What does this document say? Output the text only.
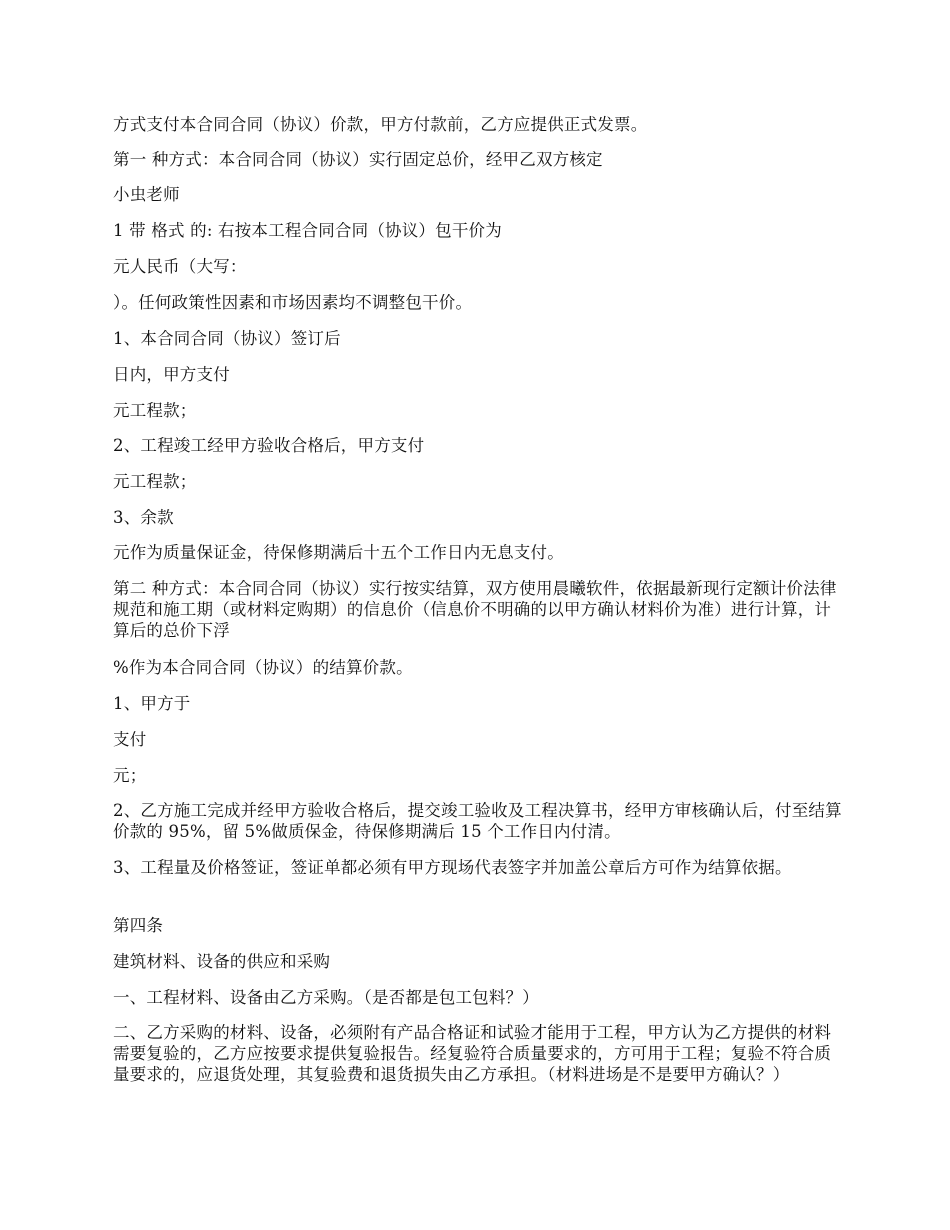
方式支付本合同合同（协议）价款，甲方付款前，乙方应提供正式发票。
第一 种方式：本合同合同（协议）实行固定总价，经甲乙双方核定
小虫老师
1 带 格式 的: 右按本工程合同合同（协议）包干价为
元人民币（大写：
）。任何政策性因素和市场因素均不调整包干价。
1、本合同合同（协议）签订后
日内，甲方支付
元工程款；
2、工程竣工经甲方验收合格后，甲方支付
元工程款；
3、余款
元作为质量保证金，待保修期满后十五个工作日内无息支付。
第二 种方式：本合同合同（协议）实行按实结算，双方使用晨曦软件，依据最新现行定额计价法律规范和施工期（或材料定购期）的信息价（信息价不明确的以甲方确认材料价为准）进行计算，计算后的总价下浮
%作为本合同合同（协议）的结算价款。
1、甲方于
支付
元；
2、乙方施工完成并经甲方验收合格后，提交竣工验收及工程决算书，经甲方审核确认后，付至结算价款的 95%，留 5%做质保金，待保修期满后 15 个工作日内付清。
3、工程量及价格签证，签证单都必须有甲方现场代表签字并加盖公章后方可作为结算依据。
第四条
建筑材料、设备的供应和采购
一、工程材料、设备由乙方采购。（是否都是包工包料？）
二、乙方采购的材料、设备，必须附有产品合格证和试验才能用于工程，甲方认为乙方提供的材料需要复验的，乙方应按要求提供复验报告。经复验符合质量要求的，方可用于工程；复验不符合质量要求的，应退货处理，其复验费和退货损失由乙方承担。（材料进场是不是要甲方确认？）
